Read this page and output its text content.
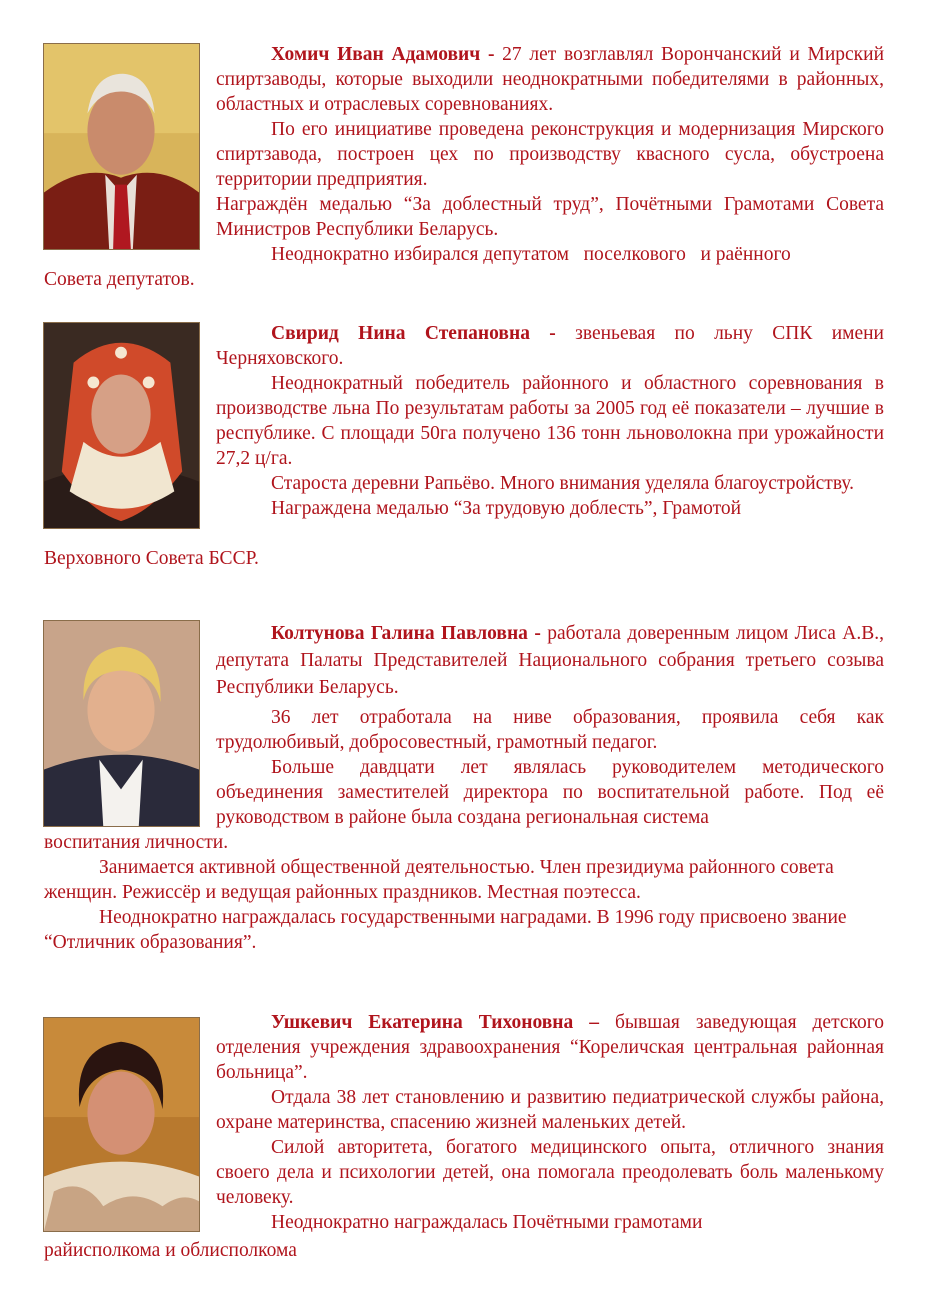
Хомич Иван Адамович - 27 лет возглавлял Ворончанский и Мирский спиртзаводы, которые выходили неоднократными победителями в районных, областных и отраслевых соревнованиях.

По его инициативе проведена реконструкция и модернизация Мирского спиртзавода, построен цех по производству квасного сусла, обустроена территории предприятия.

Награждён медалью “За доблестный труд”, Почётными Грамотами Совета Министров Республики Беларусь.

Неоднократно избирался депутатом   поселкового   и раённого

Совета депутатов.

Свирид Нина Степановна - звеньевая по льну СПК имени Черняховского.

Неоднократный победитель районного и областного соревнования в производстве льна По результатам работы за 2005 год её показатели – лучшие в республике. С площади 50га получено 136 тонн льноволокна при урожайности 27,2 ц/га.

Староста деревни Рапьёво. Много внимания уделяла благоустройству.

Награждена медалью “За трудовую доблесть”, Грамотой

Верховного Совета БССР.

Колтунова Галина Павловна - работала доверенным лицом Лиса А.В., депутата Палаты Представителей Национального собрания третьего созыва Республики Беларусь.

36 лет отработала на ниве образования, проявила себя как трудолюбивый, добросовестный, грамотный педагог.

Больше давдцати лет являлась руководителем методического объединения заместителей директора по воспитательной работе. Под её руководством в районе была создана региональная система

воспитания личности.

Занимается активной общественной деятельностью. Член президиума районного совета женщин. Режиссёр и ведущая районных праздников. Местная поэтесса.

Неоднократно награждалась государственными наградами. В 1996 году присвоено звание “Отличник образования”.

Ушкевич Екатерина Тихоновна – бывшая заведующая детского отделения учреждения здравоохранения “Кореличская центральная районная больница”.

Отдала 38 лет становлению и развитию педиатрической службы района, охране материнства, спасению жизней маленьких детей.

Силой авторитета, богатого медицинского опыта, отличного знания своего дела и психологии детей, она помогала преодолевать боль маленькому человеку.

Неоднократно награждалась Почётными грамотами

райисполкома и облисполкома
